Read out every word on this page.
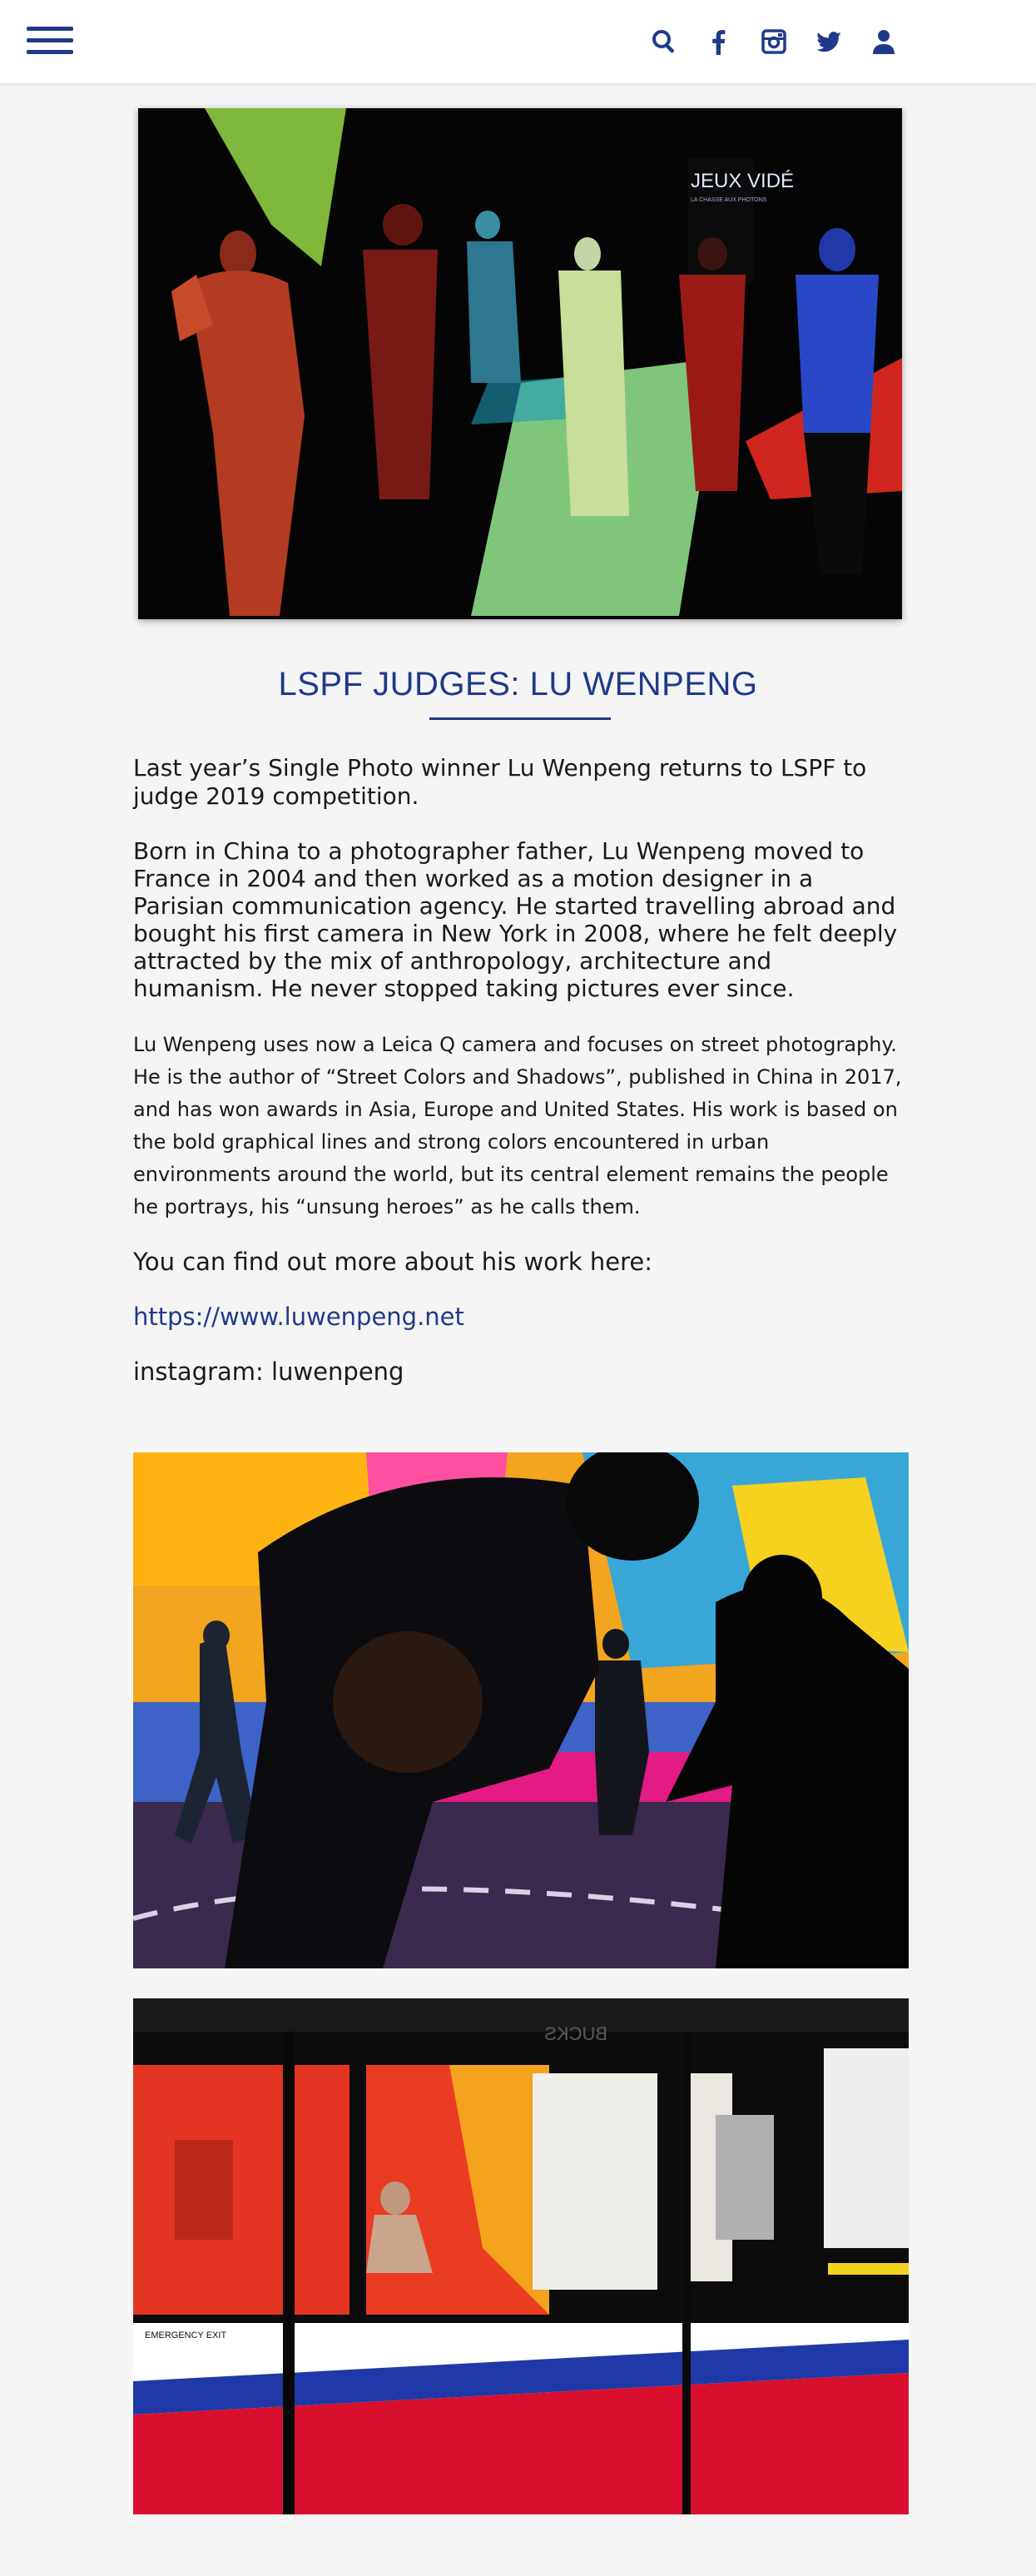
JEUX VIDÉ
LA CHASSE AUX PHOTONS
LSPF JUDGES: LU WENPENG

Last year’s Single Photo winner Lu Wenpeng returns to LSPF to judge 2019 competition.

Born in China to a photographer father, Lu Wenpeng moved to France in 2004 and then worked as a motion designer in a Parisian communication agency. He started travelling abroad and bought his first camera in New York in 2008, where he felt deeply attracted by the mix of anthropology, architecture and humanism. He never stopped taking pictures ever since.

Lu Wenpeng uses now a Leica Q camera and focuses on street photography. He is the author of “Street Colors and Shadows”, published in China in 2017, and has won awards in Asia, Europe and United States. His work is based on the bold graphical lines and strong colors encountered in urban environments around the world, but its central element remains the people he portrays, his “unsung heroes” as he calls them.

You can find out more about his work here:

https://www.luwenpeng.net

instagram: luwenpeng

BUCKS
EMERGENCY EXIT
